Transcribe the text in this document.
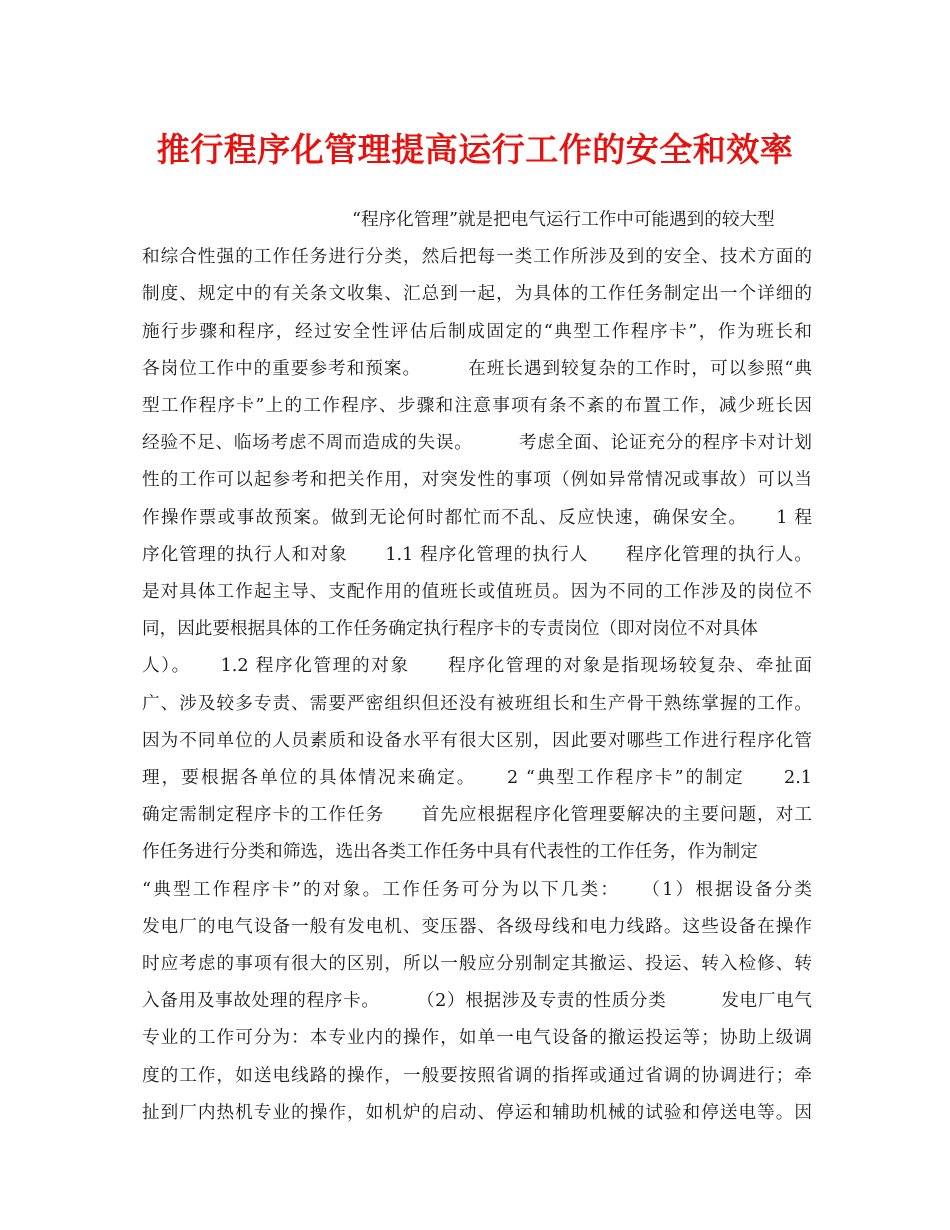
推行程序化管理提高运行工作的安全和效率
“程序化管理”就是把电气运行工作中可能遇到的较大型
和综合性强的工作任务进行分类，然后把每一类工作所涉及到的安全、技术方面的
制度、规定中的有关条文收集、汇总到一起，为具体的工作任务制定出一个详细的
施行步骤和程序，经过安全性评估后制成固定的“典型工作程序卡”，作为班长和
各岗位工作中的重要参考和预案。　　　在班长遇到较复杂的工作时，可以参照“典
型工作程序卡”上的工作程序、步骤和注意事项有条不紊的布置工作，减少班长因
经验不足、临场考虑不周而造成的失误。　　　考虑全面、论证充分的程序卡对计划
性的工作可以起参考和把关作用，对突发性的事项（例如异常情况或事故）可以当
作操作票或事故预案。做到无论何时都忙而不乱、反应快速，确保安全。　　1 程
序化管理的执行人和对象　　1.1 程序化管理的执行人　　程序化管理的执行人。
是对具体工作起主导、支配作用的值班长或值班员。因为不同的工作涉及的岗位不
同，因此要根据具体的工作任务确定执行程序卡的专责岗位（即对岗位不对具体
人）。　　1.2 程序化管理的对象　　程序化管理的对象是指现场较复杂、牵扯面
广、涉及较多专责、需要严密组织但还没有被班组长和生产骨干熟练掌握的工作。
因为不同单位的人员素质和设备水平有很大区别，因此要对哪些工作进行程序化管
理，要根据各单位的具体情况来确定。　　2 “典型工作程序卡”的制定　　2.1
确定需制定程序卡的工作任务　　首先应根据程序化管理要解决的主要问题，对工
作任务进行分类和筛选，选出各类工作任务中具有代表性的工作任务，作为制定
“典型工作程序卡”的对象。工作任务可分为以下几类：　　（1）根据设备分类
发电厂的电气设备一般有发电机、变压器、各级母线和电力线路。这些设备在操作
时应考虑的事项有很大的区别，所以一般应分别制定其撤运、投运、转入检修、转
入备用及事故处理的程序卡。　　　（2）根据涉及专责的性质分类　　　发电厂电气
专业的工作可分为：本专业内的操作，如单一电气设备的撤运投运等；协助上级调
度的工作，如送电线路的操作，一般要按照省调的指挥或通过省调的协调进行；牵
扯到厂内热机专业的操作，如机炉的启动、停运和辅助机械的试验和停送电等。因
